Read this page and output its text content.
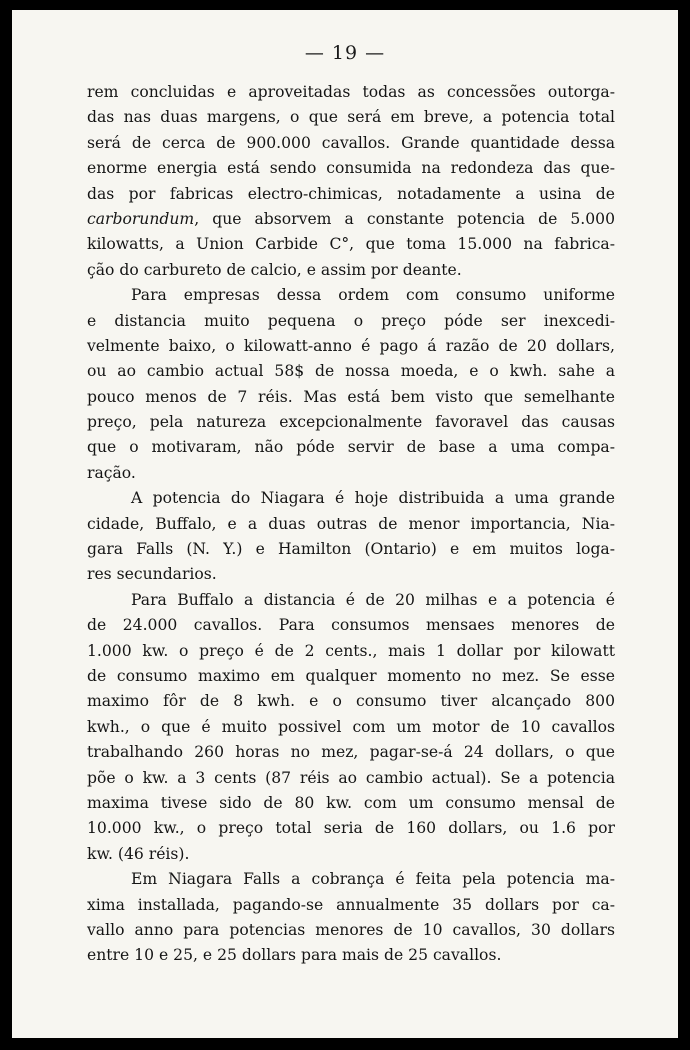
— 19 —
rem concluidas e aproveitadas todas as concessões outorga-
das nas duas margens, o que será em breve, a potencia total
será de cerca de 900.000 cavallos. Grande quantidade dessa
enorme energia está sendo consumida na redondeza das que-
das por fabricas electro-chimicas, notadamente a usina de
carborundum, que absorvem a constante potencia de 5.000
kilowatts, a Union Carbide C°, que toma 15.000 na fabrica-
ção do carbureto de calcio, e assim por deante.
Para empresas dessa ordem com consumo uniforme
e distancia muito pequena o preço póde ser inexcedi-
velmente baixo, o kilowatt-anno é pago á razão de 20 dollars,
ou ao cambio actual 58$ de nossa moeda, e o kwh. sahe a
pouco menos de 7 réis. Mas está bem visto que semelhante
preço, pela natureza excepcionalmente favoravel das causas
que o motivaram, não póde servir de base a uma compa-
ração.
A potencia do Niagara é hoje distribuida a uma grande
cidade, Buffalo, e a duas outras de menor importancia, Nia-
gara Falls (N. Y.) e Hamilton (Ontario) e em muitos loga-
res secundarios.
Para Buffalo a distancia é de 20 milhas e a potencia é
de 24.000 cavallos. Para consumos mensaes menores de
1.000 kw. o preço é de 2 cents., mais 1 dollar por kilowatt
de consumo maximo em qualquer momento no mez. Se esse
maximo fôr de 8 kwh. e o consumo tiver alcançado 800
kwh., o que é muito possivel com um motor de 10 cavallos
trabalhando 260 horas no mez, pagar-se-á 24 dollars, o que
põe o kw. a 3 cents (87 réis ao cambio actual). Se a potencia
maxima tivese sido de 80 kw. com um consumo mensal de
10.000 kw., o preço total seria de 160 dollars, ou 1.6 por
kw. (46 réis).
Em Niagara Falls a cobrança é feita pela potencia ma-
xima installada, pagando-se annualmente 35 dollars por ca-
vallo anno para potencias menores de 10 cavallos, 30 dollars
entre 10 e 25, e 25 dollars para mais de 25 cavallos.
